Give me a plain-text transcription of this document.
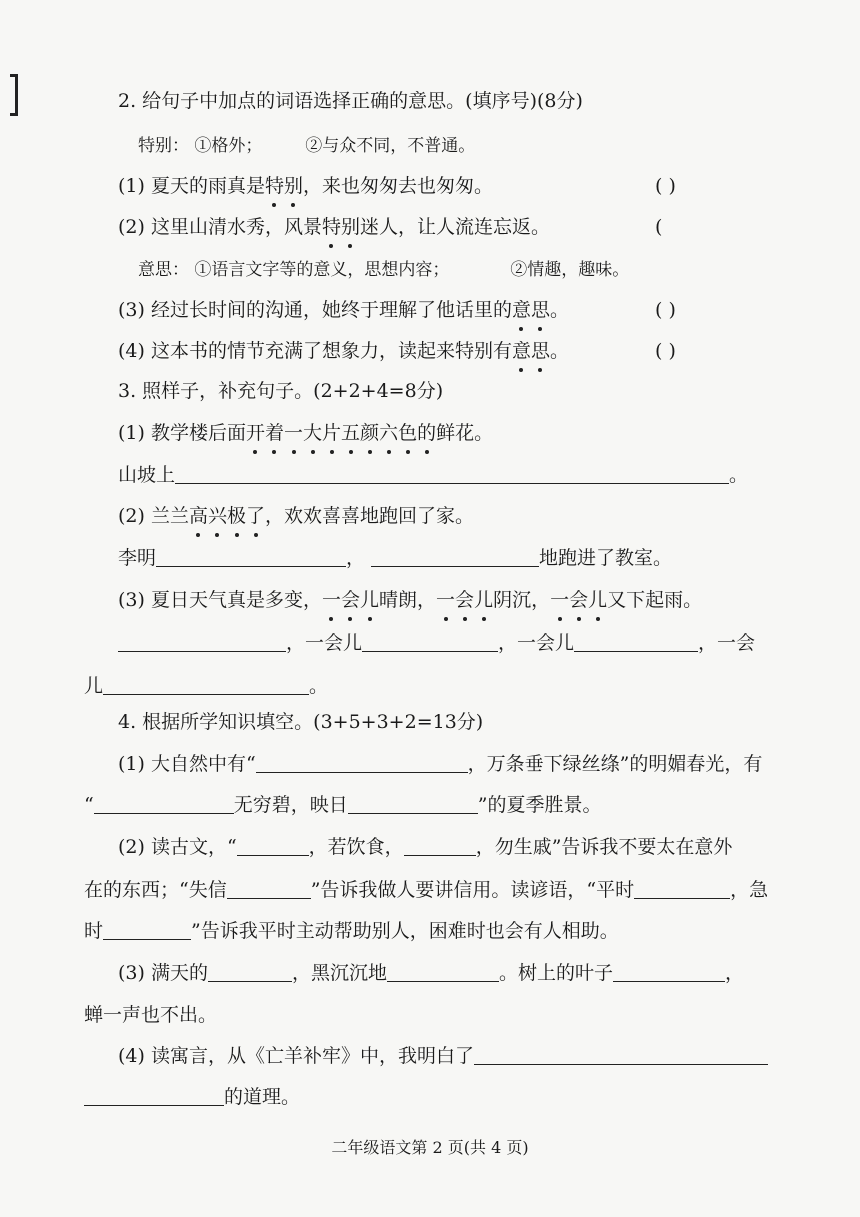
2. 给句子中加点的词语选择正确的意思。(填序号)(8分)
特别： ①格外；	②与众不同，不普通。
(1) 夏天的雨真是特别，来也匆匆去也匆匆。	( )
(2) 这里山清水秀，风景特别迷人，让人流连忘返。	(
意思： ①语言文字等的意义，思想内容；	②情趣，趣味。
(3) 经过长时间的沟通，她终于理解了他话里的意思。	( )
(4) 这本书的情节充满了想象力，读起来特别有意思。	( )
3. 照样子，补充句子。(2+2+4=8分)
(1) 教学楼后面开着一大片五颜六色的鲜花。
山坡上	。
(2) 兰兰高兴极了，欢欢喜喜地跑回了家。
李明	，	地跑进了教室。
(3) 夏日天气真是多变，一会儿晴朗，一会儿阴沉，一会儿又下起雨。
，一会儿	，一会儿	，一会
儿	。
4. 根据所学知识填空。(3+5+3+2=13分)
(1) 大自然中有“	，万条垂下绿丝绦”的明媚春光，有
“	无穷碧，映日	”的夏季胜景。
(2) 读古文，“	，若饮食，	，勿生戚”告诉我不要太在意外
在的东西；“失信	”告诉我做人要讲信用。读谚语，“平时	，急
时	”告诉我平时主动帮助别人，困难时也会有人相助。
(3) 满天的	，黑沉沉地	。树上的叶子	，
蝉一声也不出。
(4) 读寓言，从《亡羊补牢》中，我明白了
的道理。
二年级语文第 2 页(共 4 页)
